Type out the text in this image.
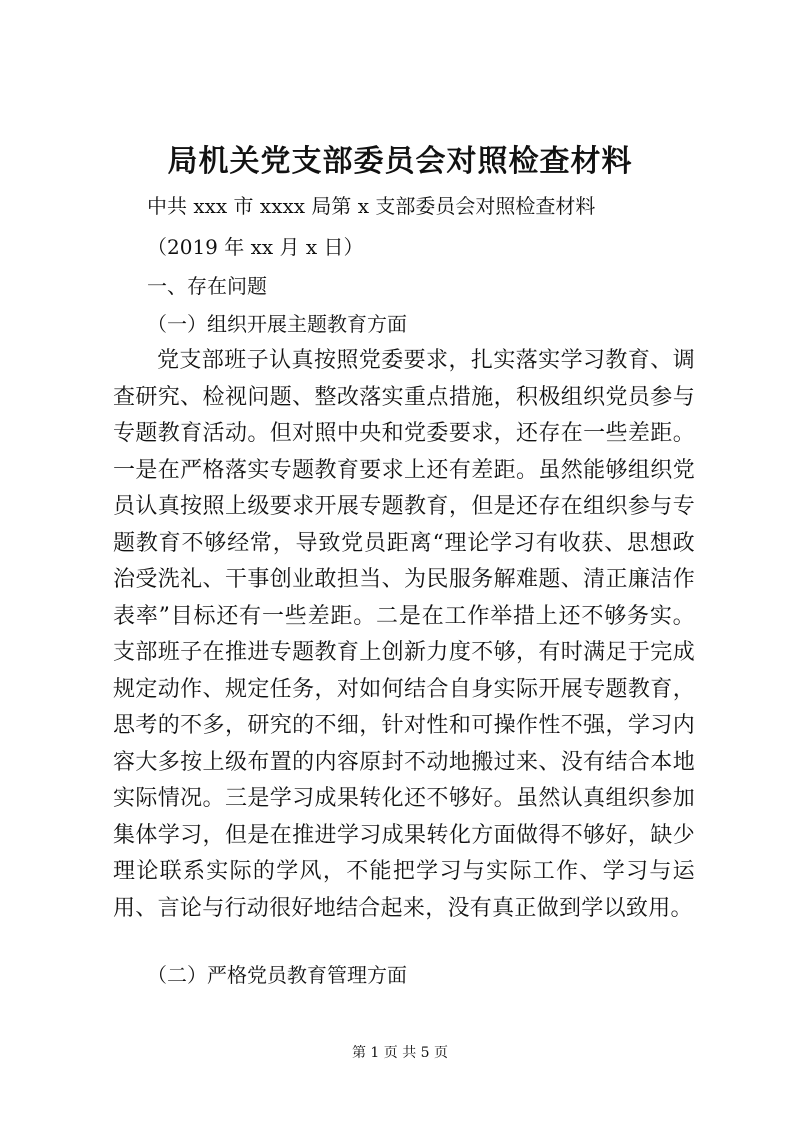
局机关党支部委员会对照检查材料

中共 xxx 市 xxxx 局第 x 支部委员会对照检查材料

（2019 年 xx 月 x 日）

一、存在问题

（一）组织开展主题教育方面

党支部班子认真按照党委要求，扎实落实学习教育、调查研究、检视问题、整改落实重点措施，积极组织党员参与专题教育活动。但对照中央和党委要求，还存在一些差距。一是在严格落实专题教育要求上还有差距。虽然能够组织党员认真按照上级要求开展专题教育，但是还存在组织参与专题教育不够经常，导致党员距离“理论学习有收获、思想政治受洗礼、干事创业敢担当、为民服务解难题、清正廉洁作表率”目标还有一些差距。二是在工作举措上还不够务实。支部班子在推进专题教育上创新力度不够，有时满足于完成规定动作、规定任务，对如何结合自身实际开展专题教育，思考的不多，研究的不细，针对性和可操作性不强，学习内容大多按上级布置的内容原封不动地搬过来、没有结合本地实际情况。三是学习成果转化还不够好。虽然认真组织参加集体学习，但是在推进学习成果转化方面做得不够好，缺少理论联系实际的学风，不能把学习与实际工作、学习与运用、言论与行动很好地结合起来，没有真正做到学以致用。

（二）严格党员教育管理方面

第 1 页 共 5 页
